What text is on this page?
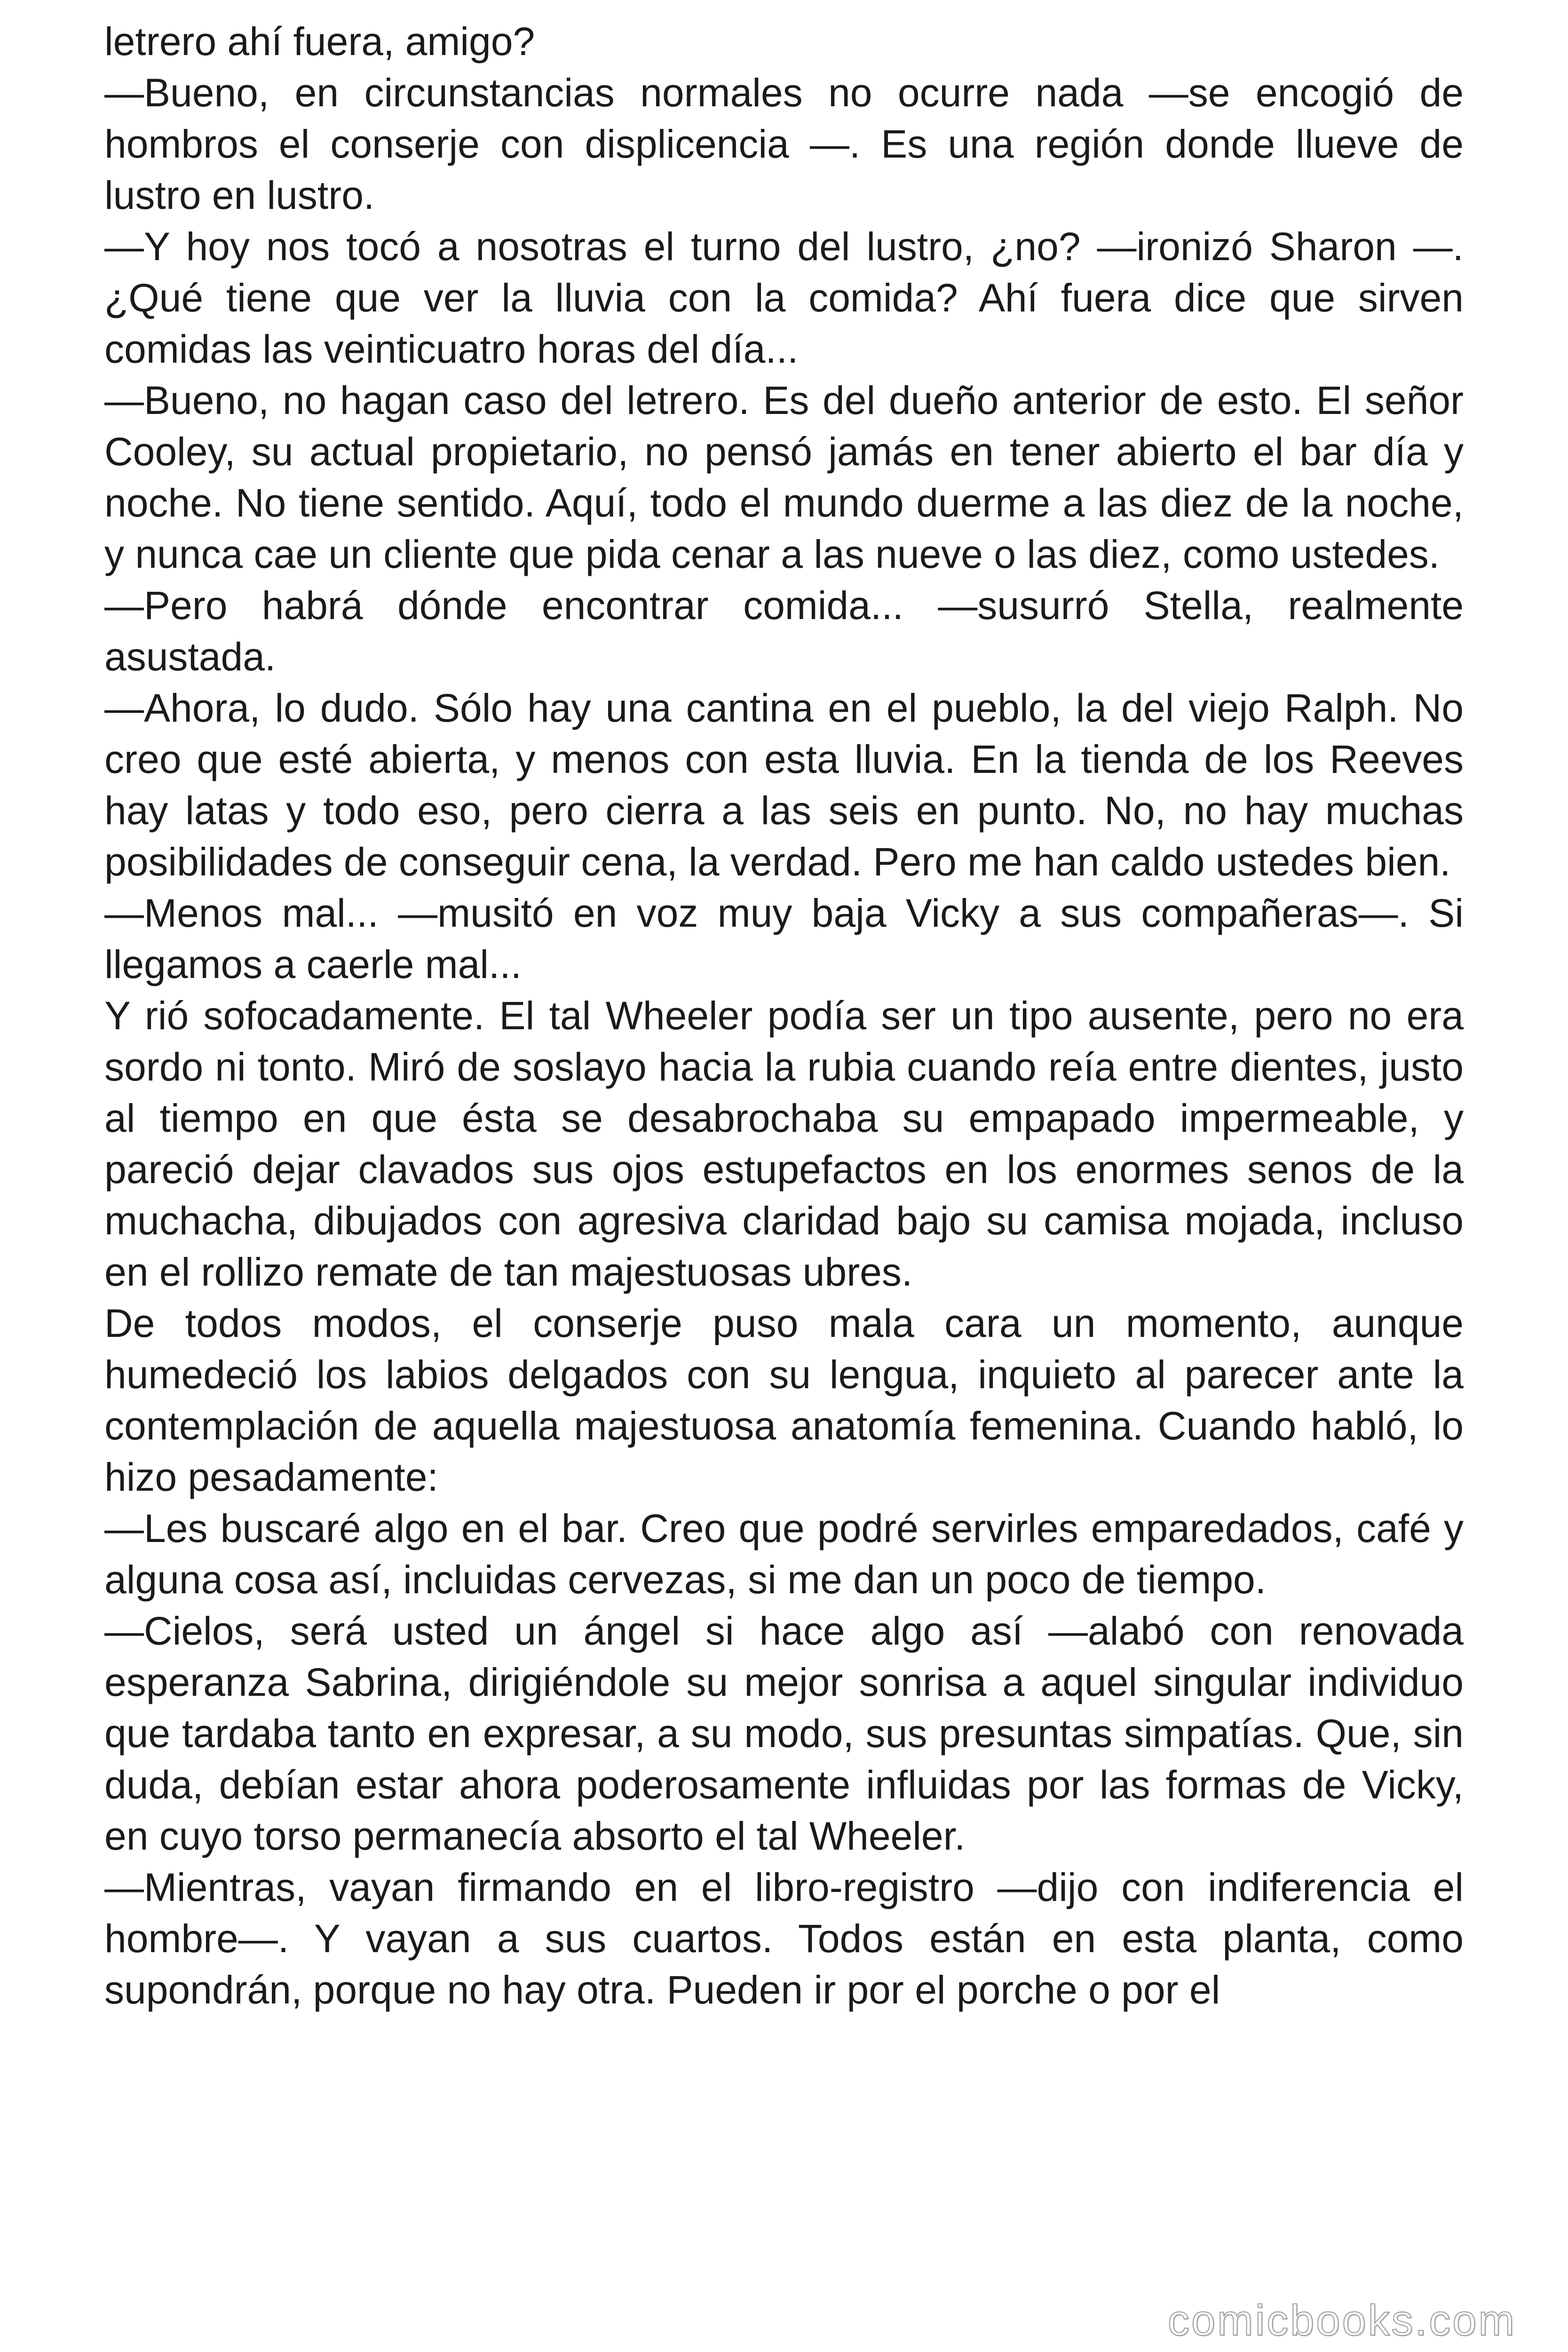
letrero ahí fuera, amigo?

—Bueno, en circunstancias normales no ocurre nada —se encogió de hombros el conserje con displicencia —. Es una región donde llueve de lustro en lustro.

—Y hoy nos tocó a nosotras el turno del lustro, ¿no? —ironizó Sharon —. ¿Qué tiene que ver la lluvia con la comida? Ahí fuera dice que sirven comidas las veinticuatro horas del día...

—Bueno, no hagan caso del letrero. Es del dueño anterior de esto. El señor Cooley, su actual propietario, no pensó jamás en tener abierto el bar día y noche. No tiene sentido. Aquí, todo el mundo duerme a las diez de la noche, y nunca cae un cliente que pida cenar a las nueve o las diez, como ustedes.

—Pero habrá dónde encontrar comida... —susurró Stella, realmente asustada.

—Ahora, lo dudo. Sólo hay una cantina en el pueblo, la del viejo Ralph. No creo que esté abierta, y menos con esta lluvia. En la tienda de los Reeves hay latas y todo eso, pero cierra a las seis en punto. No, no hay muchas posibilidades de conseguir cena, la verdad. Pero me han caldo ustedes bien.

—Menos mal... —musitó en voz muy baja Vicky a sus compañeras—. Si llegamos a caerle mal...

Y rió sofocadamente. El tal Wheeler podía ser un tipo ausente, pero no era sordo ni tonto. Miró de soslayo hacia la rubia cuando reía entre dientes, justo al tiempo en que ésta se desabrochaba su empapado impermeable, y pareció dejar clavados sus ojos estupefactos en los enormes senos de la muchacha, dibujados con agresiva claridad bajo su camisa mojada, incluso en el rollizo remate de tan majestuosas ubres.

De todos modos, el conserje puso mala cara un momento, aunque humedeció los labios delgados con su lengua, inquieto al parecer ante la contemplación de aquella majestuosa anatomía femenina. Cuando habló, lo hizo pesadamente:

—Les buscaré algo en el bar. Creo que podré servirles emparedados, café y alguna cosa así, incluidas cervezas, si me dan un poco de tiempo.

—Cielos, será usted un ángel si hace algo así —alabó con renovada esperanza Sabrina, dirigiéndole su mejor sonrisa a aquel singular individuo que tardaba tanto en expresar, a su modo, sus presuntas simpatías. Que, sin duda, debían estar ahora poderosamente influidas por las formas de Vicky, en cuyo torso permanecía absorto el tal Wheeler.

—Mientras, vayan firmando en el libro-registro —dijo con indiferencia el hombre—. Y vayan a sus cuartos. Todos están en esta planta, como supondrán, porque no hay otra. Pueden ir por el porche o por el

comicbooks.com
